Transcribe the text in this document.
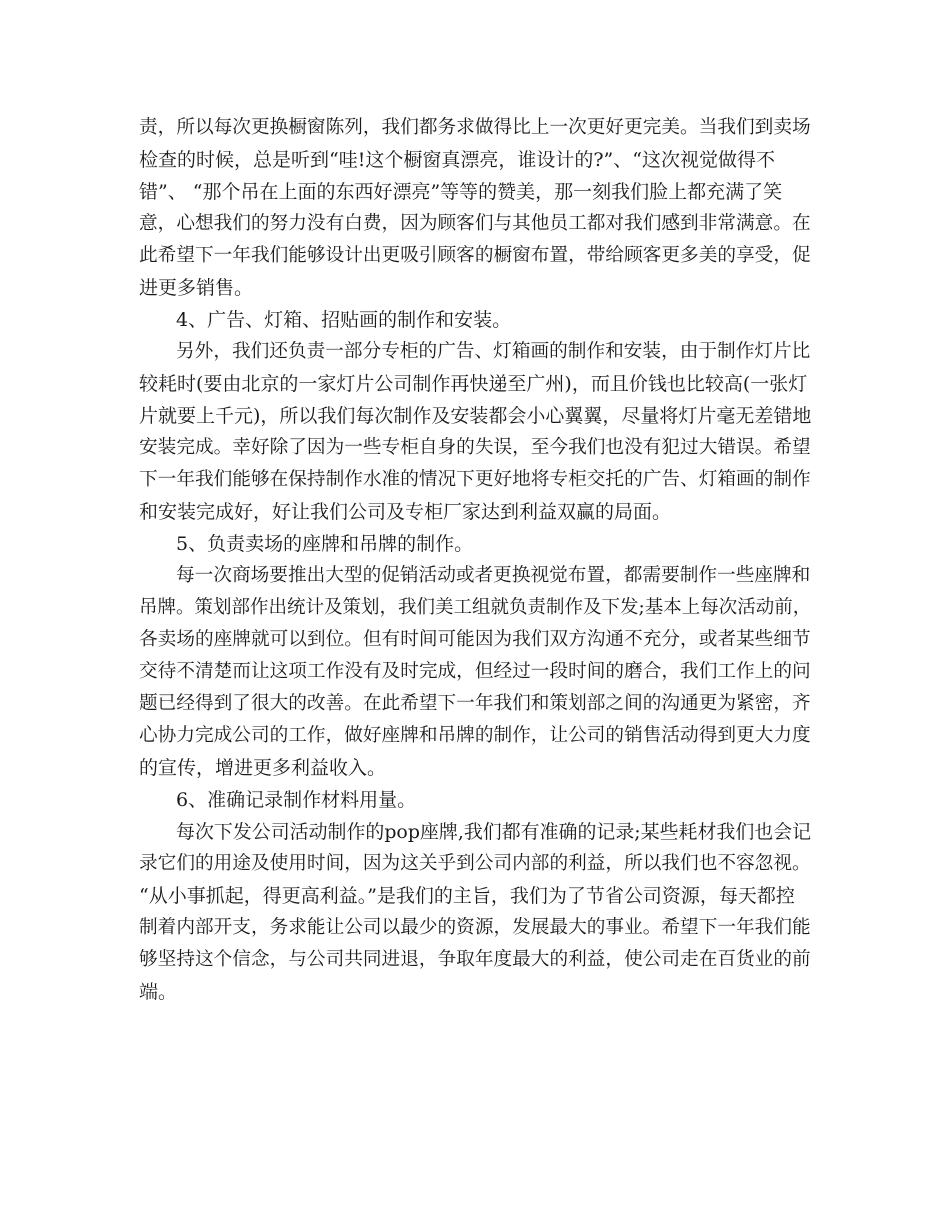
责，所以每次更换橱窗陈列，我们都务求做得比上一次更好更完美。当我们到卖场
检查的时候，总是听到“哇!这个橱窗真漂亮，谁设计的?”、“这次视觉做得不
错”、 “那个吊在上面的东西好漂亮”等等的赞美，那一刻我们脸上都充满了笑
意，心想我们的努力没有白费，因为顾客们与其他员工都对我们感到非常满意。在
此希望下一年我们能够设计出更吸引顾客的橱窗布置，带给顾客更多美的享受，促
进更多销售。
4、广告、灯箱、招贴画的制作和安装。
另外，我们还负责一部分专柜的广告、灯箱画的制作和安装，由于制作灯片比
较耗时(要由北京的一家灯片公司制作再快递至广州)，而且价钱也比较高(一张灯
片就要上千元)，所以我们每次制作及安装都会小心翼翼，尽量将灯片毫无差错地
安装完成。幸好除了因为一些专柜自身的失误，至今我们也没有犯过大错误。希望
下一年我们能够在保持制作水准的情况下更好地将专柜交托的广告、灯箱画的制作
和安装完成好，好让我们公司及专柜厂家达到利益双赢的局面。
5、负责卖场的座牌和吊牌的制作。
每一次商场要推出大型的促销活动或者更换视觉布置，都需要制作一些座牌和
吊牌。策划部作出统计及策划，我们美工组就负责制作及下发;基本上每次活动前，
各卖场的座牌就可以到位。但有时间可能因为我们双方沟通不充分，或者某些细节
交待不清楚而让这项工作没有及时完成，但经过一段时间的磨合，我们工作上的问
题已经得到了很大的改善。在此希望下一年我们和策划部之间的沟通更为紧密，齐
心协力完成公司的工作，做好座牌和吊牌的制作，让公司的销售活动得到更大力度
的宣传，增进更多利益收入。
6、准确记录制作材料用量。
每次下发公司活动制作的pop座牌,我们都有准确的记录;某些耗材我们也会记
录它们的用途及使用时间，因为这关乎到公司内部的利益，所以我们也不容忽视。
“从小事抓起，得更高利益。”是我们的主旨，我们为了节省公司资源，每天都控
制着内部开支，务求能让公司以最少的资源，发展最大的事业。希望下一年我们能
够坚持这个信念，与公司共同进退，争取年度最大的利益，使公司走在百货业的前
端。
